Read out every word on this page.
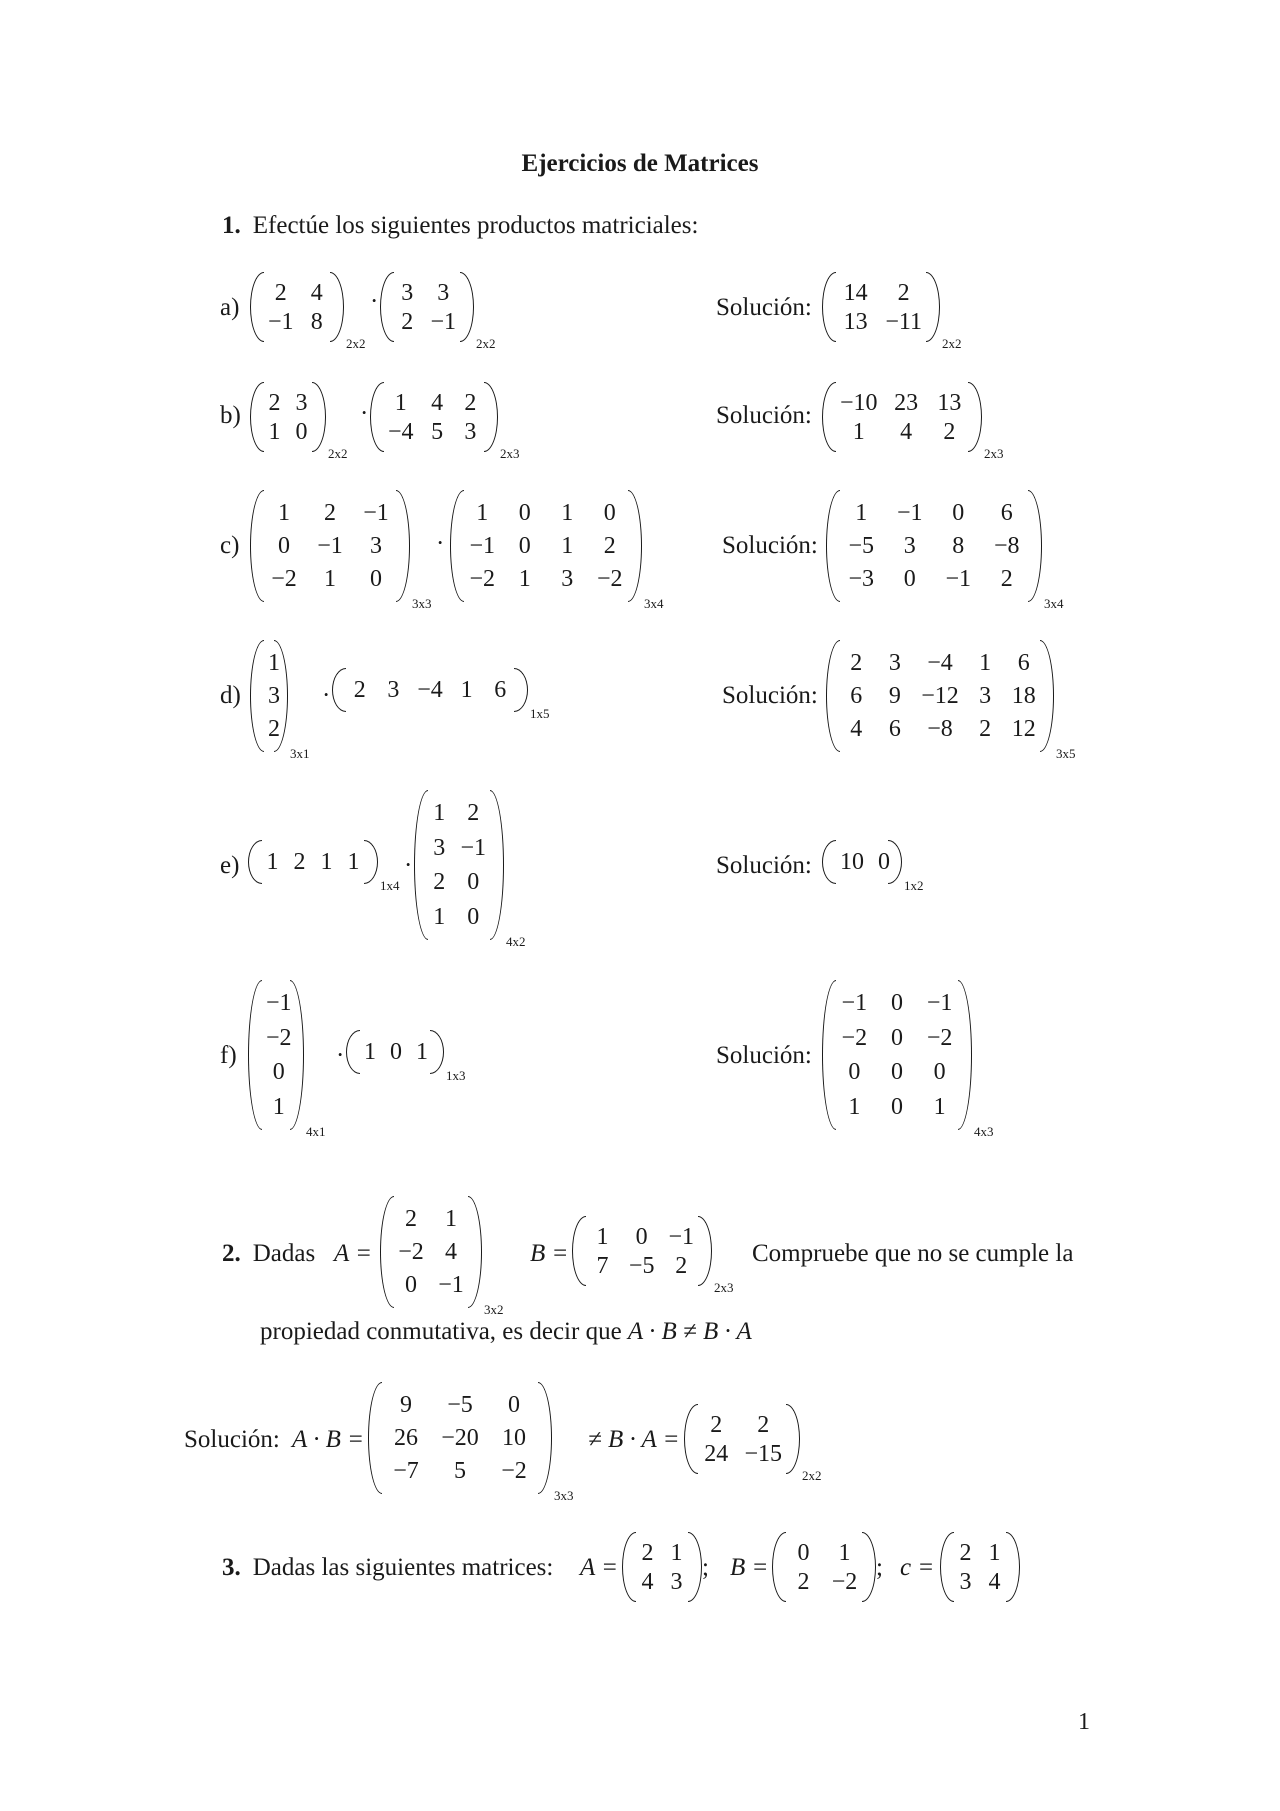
Ejercicios de Matrices
1. Efectúe los siguientes productos matriciales:
a)
2 4
−1 8
2x2
· 3 3
2 −1
2x2
Solución:
14 2
13 −11
2x2
b) 2 3
1 0
2x2
· 1 4 2
−4 5 3
2x3
Solución: −10 23 13
1 4 2
2x3
c)
1 2 −1
0 −1 3
−2 1 0
3x3
·
1 0 1 0
−1 0 1 2
−2 1 3 −2
3x4
Solución:
1 −1 0 6
−5 3 8 −8
−3 0 −1 2
3x4
d)
1
3
2
3x1
· 2 3 −4 1 6
1x5
Solución:
2 3 −4 1 6
6 9 −12 3 18
4 6 −8 2 12
3x5
e) 1 2 1 1
1x4
·
1 2
3 −1
2 0
1 0
4x2
Solución: 10 0
1x2
f)
−1
−2
0
1
4x1
· 1 0 1
1x3
Solución:
−1 0 −1
−2 0 −2
0 0 0
1 0 1
4x3
2. Dadas A =
2 1
−2 4
0 −1
3x2
B =
1 0 −1
7 −5 2
2x3
Compruebe que no se cumple la
propiedad conmutativa, es decir que A · B ≠ B · A
Solución: A · B =
9 −5 0
26 −20 10
−7 5 −2
3x3
≠ B · A =
2 2
24 −15
2x2
3. Dadas las siguientes matrices: A =
2 1
4 3
; B =
0 1
2 −2
; c =
2 1
3 4
1
